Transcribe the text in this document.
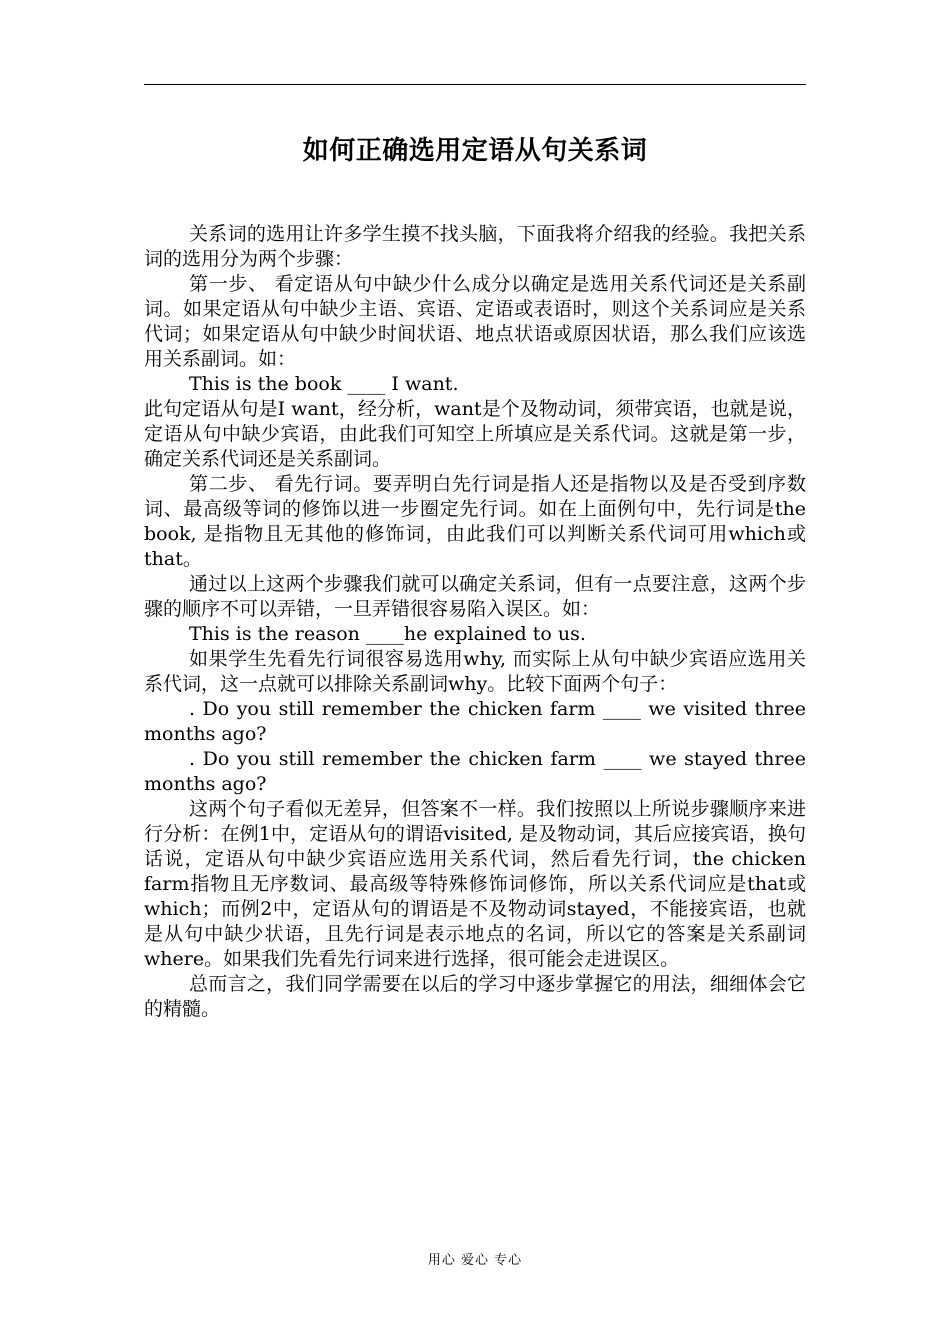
如何正确选用定语从句关系词

关系词的选用让许多学生摸不找头脑，下面我将介绍我的经验。我把关系词的选用分为两个步骤：

第一步、 看定语从句中缺少什么成分以确定是选用关系代词还是关系副词。如果定语从句中缺少主语、宾语、定语或表语时，则这个关系词应是关系代词；如果定语从句中缺少时间状语、地点状语或原因状语，那么我们应该选用关系副词。如：

This is the book ____ I want.

此句定语从句是I want，经分析，want是个及物动词，须带宾语，也就是说，定语从句中缺少宾语，由此我们可知空上所填应是关系代词。这就是第一步，确定关系代词还是关系副词。

第二步、 看先行词。要弄明白先行词是指人还是指物以及是否受到序数词、最高级等词的修饰以进一步圈定先行词。如在上面例句中，先行词是the book, 是指物且无其他的修饰词，由此我们可以判断关系代词可用which或that。

通过以上这两个步骤我们就可以确定关系词，但有一点要注意，这两个步骤的顺序不可以弄错，一旦弄错很容易陷入误区。如：

This is the reason ____he explained to us.

如果学生先看先行词很容易选用why, 而实际上从句中缺少宾语应选用关系代词，这一点就可以排除关系副词why。比较下面两个句子：

. Do you still remember the chicken farm ____ we visited three months ago?

. Do you still remember the chicken farm ____ we stayed three months ago?

这两个句子看似无差异，但答案不一样。我们按照以上所说步骤顺序来进行分析：在例1中，定语从句的谓语visited, 是及物动词，其后应接宾语，换句话说，定语从句中缺少宾语应选用关系代词，然后看先行词，the chicken farm指物且无序数词、最高级等特殊修饰词修饰，所以关系代词应是that或which；而例2中，定语从句的谓语是不及物动词stayed，不能接宾语，也就是从句中缺少状语，且先行词是表示地点的名词，所以它的答案是关系副词where。如果我们先看先行词来进行选择，很可能会走进误区。

总而言之，我们同学需要在以后的学习中逐步掌握它的用法，细细体会它的精髓。

用心 爱心 专心
